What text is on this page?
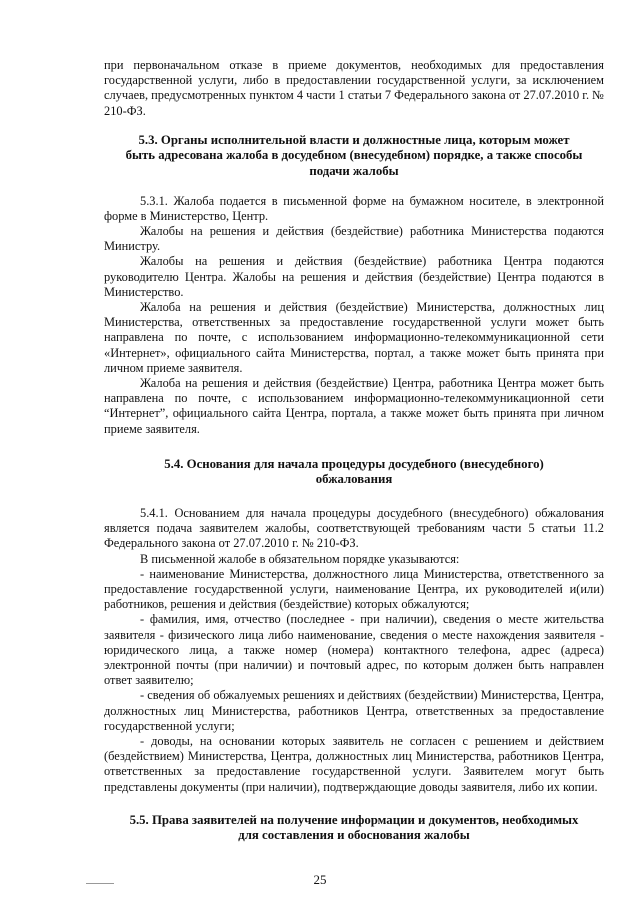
при первоначальном отказе в приеме документов, необходимых для предоставления государственной услуги, либо в предоставлении государственной услуги, за исключением случаев, предусмотренных пунктом 4 части 1 статьи 7 Федерального закона от 27.07.2010 г. № 210-ФЗ.

5.3. Органы исполнительной власти и должностные лица, которым может быть адресована жалоба в досудебном (внесудебном) порядке, а также способы подачи жалобы

5.3.1. Жалоба подается в письменной форме на бумажном носителе, в электронной форме в Министерство, Центр.

Жалобы на решения и действия (бездействие) работника Министерства подаются Министру.

Жалобы на решения и действия (бездействие) работника Центра подаются руководителю Центра. Жалобы на решения и действия (бездействие) Центра подаются в Министерство.

Жалоба на решения и действия (бездействие) Министерства, должностных лиц Министерства, ответственных за предоставление государственной услуги может быть направлена по почте, с использованием информационно-телекоммуникационной сети «Интернет», официального сайта Министерства, портал, а также может быть принята при личном приеме заявителя.

Жалоба на решения и действия (бездействие) Центра, работника Центра может быть направлена по почте, с использованием информационно-телекоммуникационной сети “Интернет”, официального сайта Центра, портала, а также может быть принята при личном приеме заявителя.

5.4. Основания для начала процедуры досудебного (внесудебного) обжалования

5.4.1. Основанием для начала процедуры досудебного (внесудебного) обжалования является подача заявителем жалобы, соответствующей требованиям части 5 статьи 11.2 Федерального закона от 27.07.2010 г. № 210-ФЗ.

В письменной жалобе в обязательном порядке указываются:

- наименование Министерства, должностного лица Министерства, ответственного за предоставление государственной услуги, наименование Центра, их руководителей и(или) работников, решения и действия (бездействие) которых обжалуются;

- фамилия, имя, отчество (последнее - при наличии), сведения о месте жительства заявителя - физического лица либо наименование, сведения о месте нахождения заявителя - юридического лица, а также номер (номера) контактного телефона, адрес (адреса) электронной почты (при наличии) и почтовый адрес, по которым должен быть направлен ответ заявителю;

- сведения об обжалуемых решениях и действиях (бездействии) Министерства, Центра, должностных лиц Министерства, работников Центра, ответственных за предоставление государственной услуги;

- доводы, на основании которых заявитель не согласен с решением и действием (бездействием) Министерства, Центра, должностных лиц Министерства, работников Центра, ответственных за предоставление государственной услуги. Заявителем могут быть представлены документы (при наличии), подтверждающие доводы заявителя, либо их копии.

5.5. Права заявителей на получение информации и документов, необходимых для составления и обоснования жалобы
25
